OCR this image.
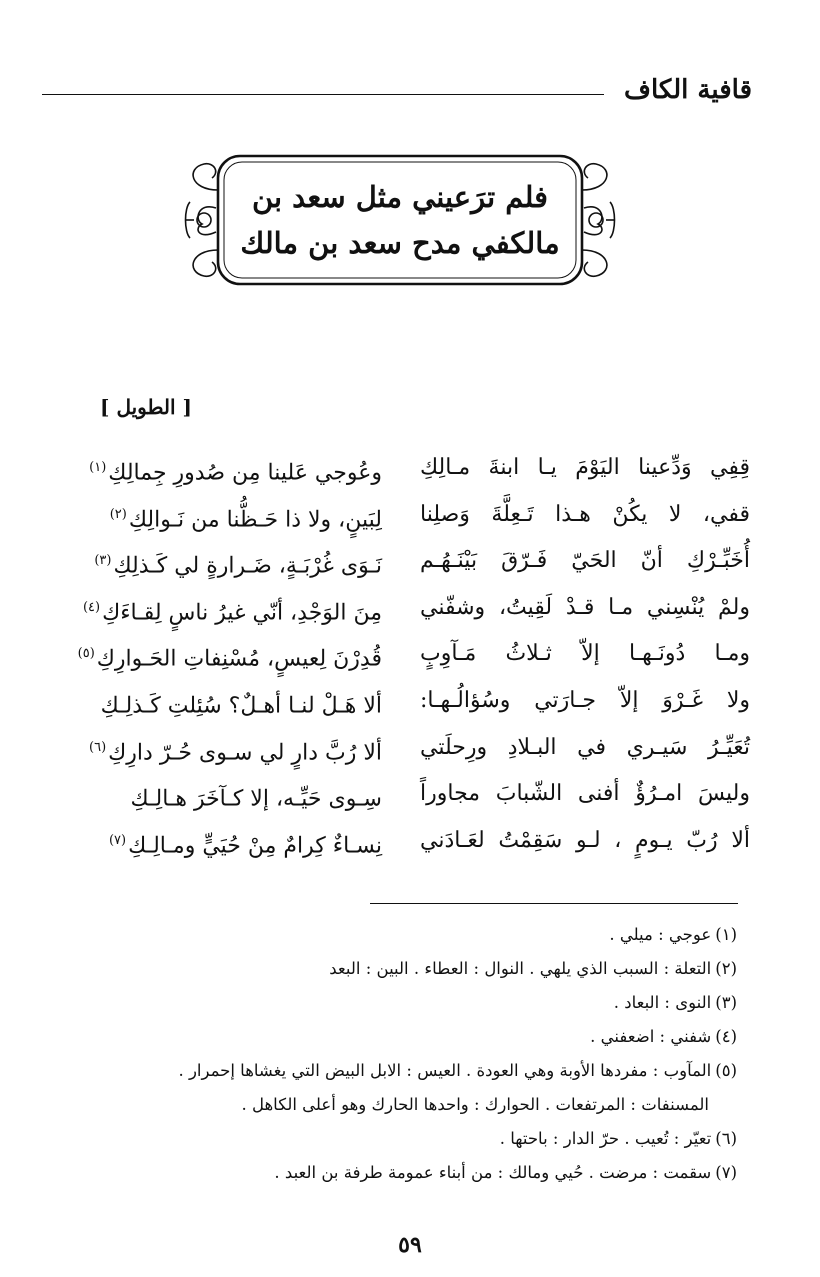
قافية الكاف
فلم ترَعيني مثل سعد بن
مالكفي مدح سعد بن مالك
[ الطويل ]
قِفِي وَدِّعينا اليَوْمَ يـا ابنةَ مـالِكِ
وعُوجي عَلينا مِن صُدورِ جِمالِكِ$^{(١)}$
قفي، لا يكُنْ هـذا تَـعِلَّةَ وَصلِنا
لِبَينٍ، ولا ذا حَـظُّنا من نَـوالِكِ$^{(٢)}$
أُخَبِّـرْكِ أنّ الحَيّ فَـرّقَ بَيْنَـهُـم
نَـوَى غُرْبَـةٍ، ضَـرارةٍ لي كَـذلِكِ$^{(٣)}$
ولمْ يُنْسِني مـا قـدْ لَقِيتُ، وشفّني
مِنَ الوَجْدِ، أنّي غيرُ ناسٍ لِقـاءَكِ$^{(٤)}$
ومـا دُونَـهـا إلاّ ثـلاثُ مَـآوِبٍ
قُدِرْنَ لِعيسٍ، مُسْنِفاتِ الحَـوارِكِ$^{(٥)}$
ولا غَـرْوَ إلاّ جـارَتي وسُؤالُـهـا:
ألا هَـلْ لنـا أهـلٌ؟ سُئِلتِ كَـذلِـكِ
تُعَيِّـرُ سَيـري في البـلادِ ورِحلَتي
ألا رُبَّ دارٍ لي سـوى حُـرّ دارِكِ$^{(٦)}$
وليسَ امـرُؤٌ أفنى الشّبابَ مجاوراً
سِـوى حَيِّـه، إلا كـآخَرَ هـالِـكِ
ألا رُبّ يـومٍ ، لـو سَقِمْتُ لعَـادَني
نِسـاءٌ كِرامٌ مِنْ حُيَيٍّ ومـالِـكِ$^{(٧)}$
(١)عوجي : ميلي .
(٢)التعلة : السبب الذي يلهي . النوال : العطاء . البين : البعد
(٣)النوى : البعاد .
(٤)شفني : اضعفني .
(٥)المآوب : مفردها الأوبة وهي العودة . العيس : الابل البيض التي يغشاها إحمرار .
المسنفات : المرتفعات . الحوارك : واحدها الحارك وهو أعلى الكاهل .
(٦)تعيّر : تُعيب . حرّ الدار : باحتها .
(٧)سقمت : مرضت . حُيي ومالك : من أبناء عمومة طرفة بن العبد .
٥٩
